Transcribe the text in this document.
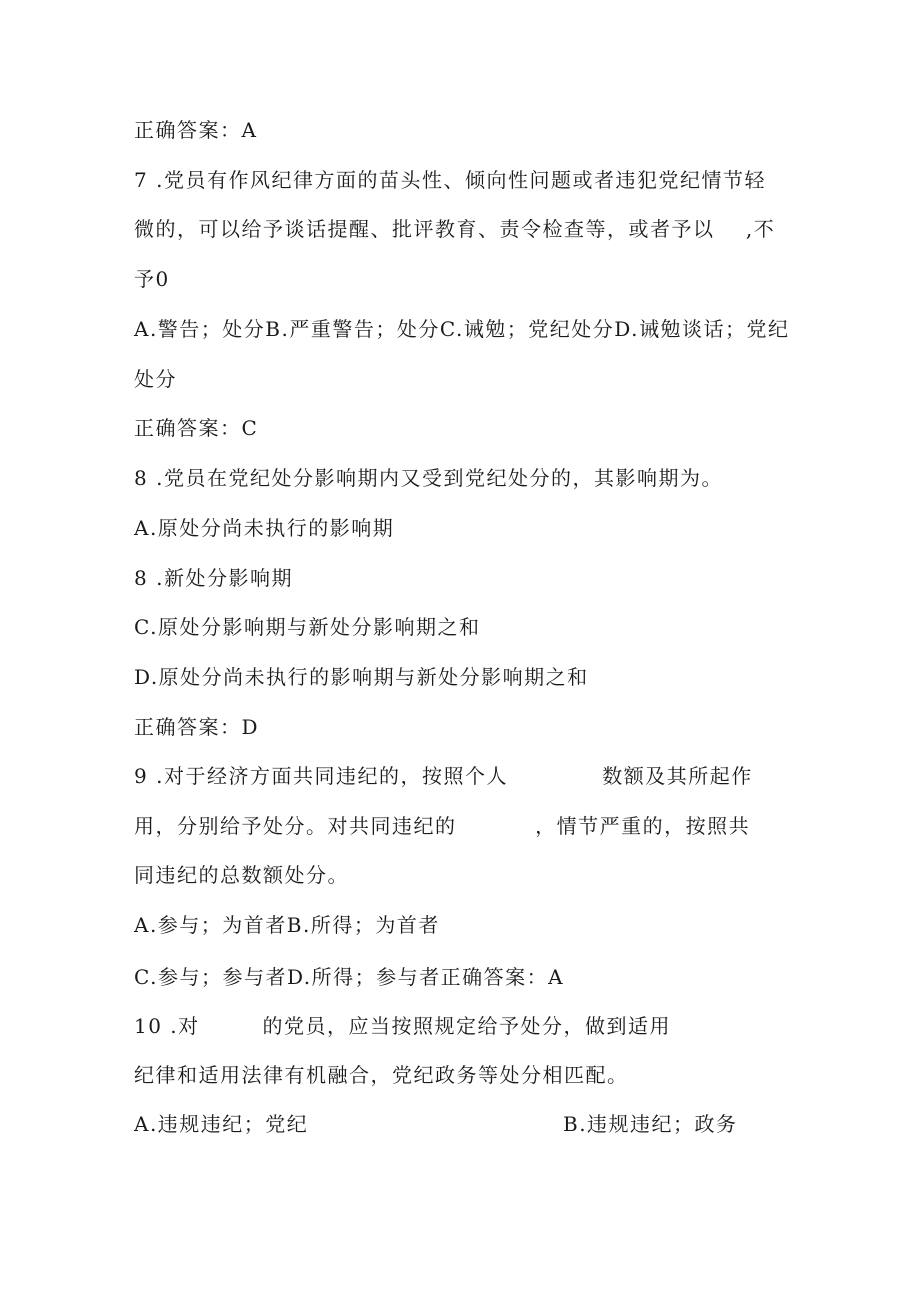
正确答案：A
7 .党员有作风纪律方面的苗头性、倾向性问题或者违犯党纪情节轻
微的，可以给予谈话提醒、批评教育、责令检查等，或者予以    ,不
予0
A.警告；处分B.严重警告；处分C.诫勉；党纪处分D.诫勉谈话；党纪
处分
正确答案：C
8 .党员在党纪处分影响期内又受到党纪处分的，其影响期为。
A.原处分尚未执行的影响期
8 .新处分影响期
C.原处分影响期与新处分影响期之和
D.原处分尚未执行的影响期与新处分影响期之和
正确答案：D
9 .对于经济方面共同违纪的，按照个人            数额及其所起作
用，分别给予处分。对共同违纪的          ，情节严重的，按照共
同违纪的总数额处分。
A.参与；为首者B.所得；为首者
C.参与；参与者D.所得；参与者正确答案：A
10 .对        的党员，应当按照规定给予处分，做到适用
纪律和适用法律有机融合，党纪政务等处分相匹配。
A.违规违纪；党纪	B.违规违纪；政务
